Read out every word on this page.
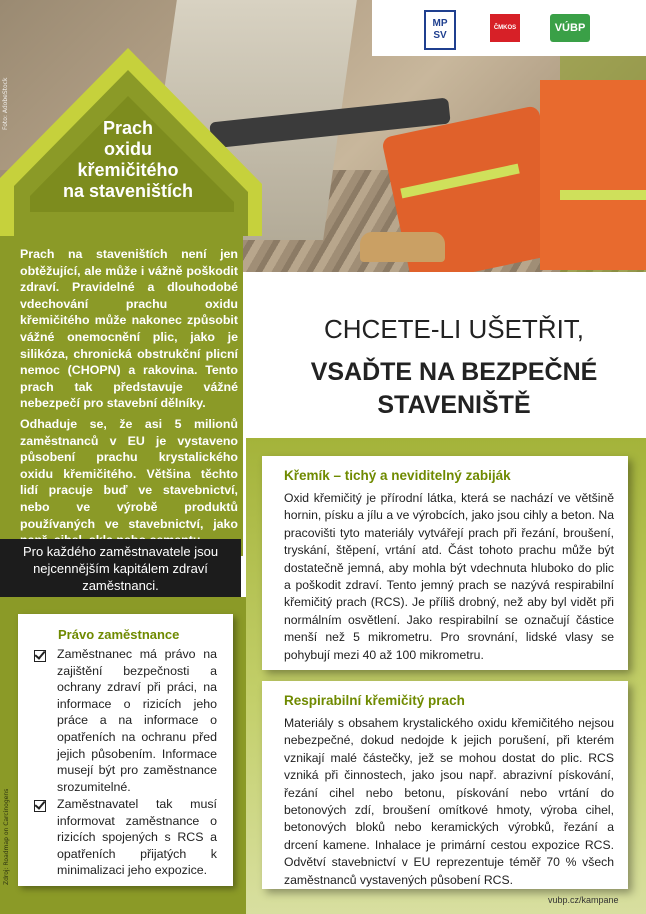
Foto: AdobeStock
MP SV
ČMKOS	VÚBP
Prach
oxidu
křemičitého
na staveništích

Prach na staveništích není jen obtěžující, ale může i vážně poškodit zdraví. Pravidelné a dlouhodobé vdechování prachu oxidu křemičitého může nakonec způsobit vážné onemocnění plic, jako je silikóza, chronická obstrukční plicní nemoc (CHOPN) a rakovina. Tento prach tak představuje vážné nebezpečí pro stavební dělníky.

Odhaduje se, že asi 5 milionů zaměstnanců v EU je vystaveno působení prachu krystalického oxidu křemičitého. Většina těchto lidí pracuje buď ve stavebnictví, nebo ve výrobě produktů používaných ve stavebnictví, jako

Pro každého zaměstnavatele jsou nejcennějším kapitálem zdraví zaměstnanci.
Zdroj: Roadmap on Carcinogens
Právo zaměstnance
Zaměstnanec má právo na zajištění bezpečnosti a ochrany zdraví při práci, na informace o rizicích jeho práce a na informace o opatřeních na ochranu před jejich působením. Informace musejí být pro zaměstnance srozumitelné.
Zaměstnavatel tak musí informovat zaměstnance o rizicích spojených s RCS a opatřeních přijatých k minimalizaci jeho expozice.
CHCETE-LI UŠETŘIT,
VSAĎTE NA BEZPEČNÉ
STAVENIŠTĚ
Křemík – tichý a neviditelný zabiják
Oxid křemičitý je přírodní látka, která se nachází ve většině hornin, písku a jílu a ve výrobcích, jako jsou cihly a beton. Na pracovišti tyto materiály vytvářejí prach při řezání, broušení, tryskání, štěpení, vrtání atd. Část tohoto prachu může být dostatečně jemná, aby mohla být vdechnuta hluboko do plic a poškodit zdraví. Tento jemný prach se nazývá respirabilní křemičitý prach (RCS). Je příliš drobný, než aby byl vidět při normálním osvětlení. Jako respirabilní se označují částice menší než 5 mikrometru. Pro srovnání, lidské vlasy se pohybují mezi 40 až 100 mikrometru.
Respirabilní křemičitý prach
Materiály s obsahem krystalického oxidu křemičitého nejsou nebezpečné, dokud nedojde k jejich porušení, při kterém vznikají malé částečky, jež se mohou dostat do plic. RCS vzniká při činnostech, jako jsou např. abrazivní pískování, řezání cihel nebo betonu, pískování nebo vrtání do betonových zdí, broušení omítkové hmoty, výroba cihel, betonových bloků nebo keramických výrobků, řezání a drcení kamene. Inhalace je primární cestou expozice RCS. Odvětví stavebnictví v EU reprezentuje téměř 70 % všech zaměstnanců vystavených působení RCS.
vubp.cz/kampane
